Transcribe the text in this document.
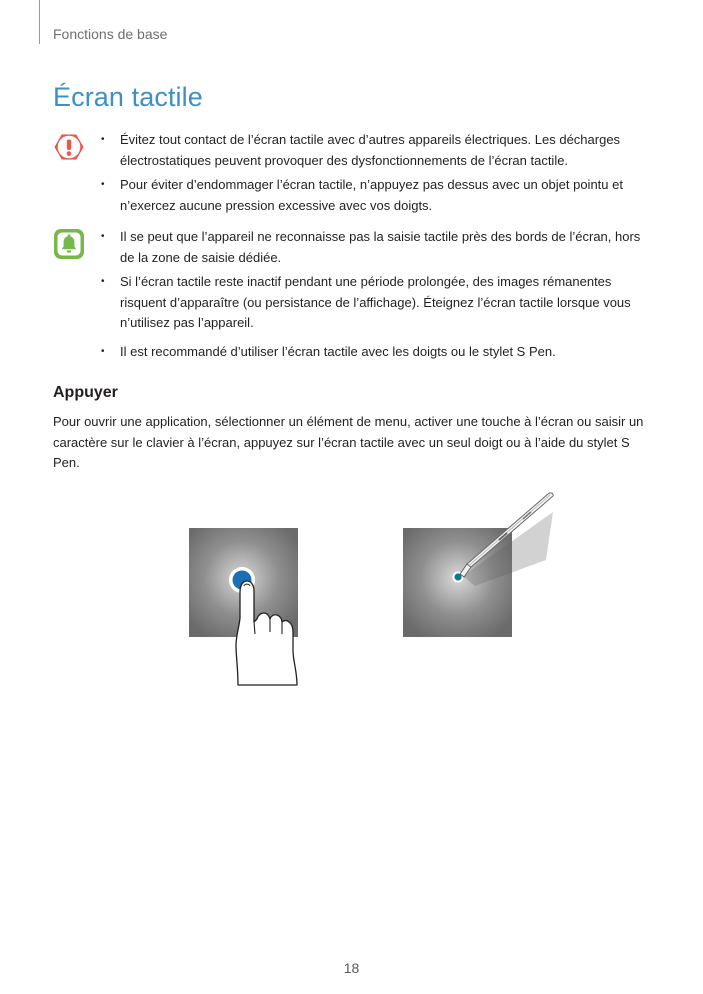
Fonctions de base
Écran tactile
• Évitez tout contact de l’écran tactile avec d’autres appareils électriques. Les décharges électrostatiques peuvent provoquer des dysfonctionnements de l’écran tactile.
• Pour éviter d’endommager l’écran tactile, n’appuyez pas dessus avec un objet pointu et n’exercez aucune pression excessive avec vos doigts.
• Il se peut que l’appareil ne reconnaisse pas la saisie tactile près des bords de l’écran, hors de la zone de saisie dédiée.
• Si l’écran tactile reste inactif pendant une période prolongée, des images rémanentes risquent d’apparaître (ou persistance de l’affichage). Éteignez l’écran tactile lorsque vous n’utilisez pas l’appareil.
• Il est recommandé d’utiliser l’écran tactile avec les doigts ou le stylet S Pen.
Appuyer

Pour ouvrir une application, sélectionner un élément de menu, activer une touche à l’écran ou saisir un caractère sur le clavier à l’écran, appuyez sur l’écran tactile avec un seul doigt ou à l’aide du stylet S Pen.

18
